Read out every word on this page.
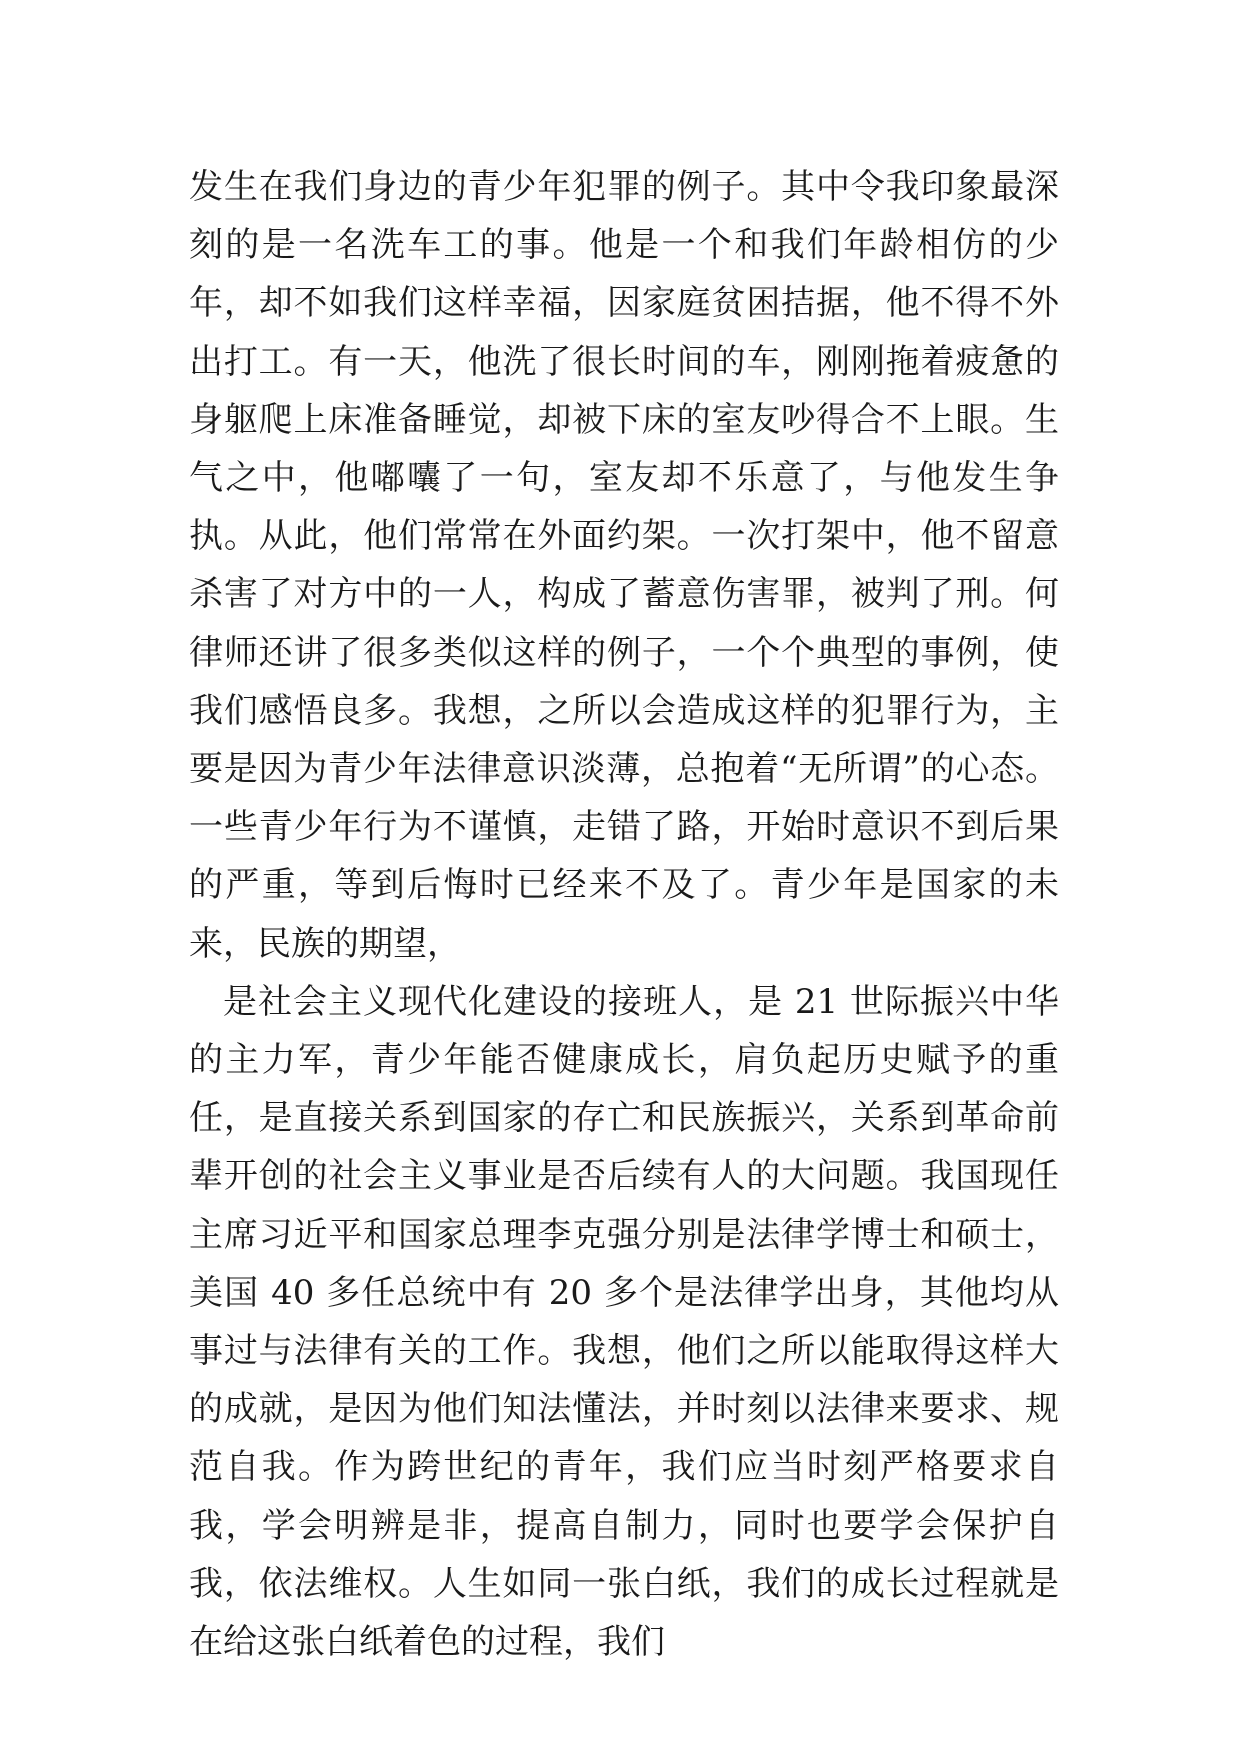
发生在我们身边的青少年犯罪的例子。其中令我印象最深刻的是一名洗车工的事。他是一个和我们年龄相仿的少年，却不如我们这样幸福，因家庭贫困拮据，他不得不外出打工。有一天，他洗了很长时间的车，刚刚拖着疲惫的身躯爬上床准备睡觉，却被下床的室友吵得合不上眼。生气之中，他嘟囔了一句，室友却不乐意了，与他发生争执。从此，他们常常在外面约架。一次打架中，他不留意杀害了对方中的一人，构成了蓄意伤害罪，被判了刑。何律师还讲了很多类似这样的例子，一个个典型的事例，使我们感悟良多。我想，之所以会造成这样的犯罪行为，主要是因为青少年法律意识淡薄，总抱着“无所谓”的心态。一些青少年行为不谨慎，走错了路，开始时意识不到后果的严重，等到后悔时已经来不及了。青少年是国家的未来，民族的期望，

是社会主义现代化建设的接班人，是 21 世际振兴中华的主力军，青少年能否健康成长，肩负起历史赋予的重任，是直接关系到国家的存亡和民族振兴，关系到革命前辈开创的社会主义事业是否后续有人的大问题。我国现任主席习近平和国家总理李克强分别是法律学博士和硕士，美国 40 多任总统中有 20 多个是法律学出身，其他均从事过与法律有关的工作。我想，他们之所以能取得这样大的成就，是因为他们知法懂法，并时刻以法律来要求、规范自我。作为跨世纪的青年，我们应当时刻严格要求自我，学会明辨是非，提高自制力，同时也要学会保护自我，依法维权。人生如同一张白纸，我们的成长过程就是在给这张白纸着色的过程，我们
